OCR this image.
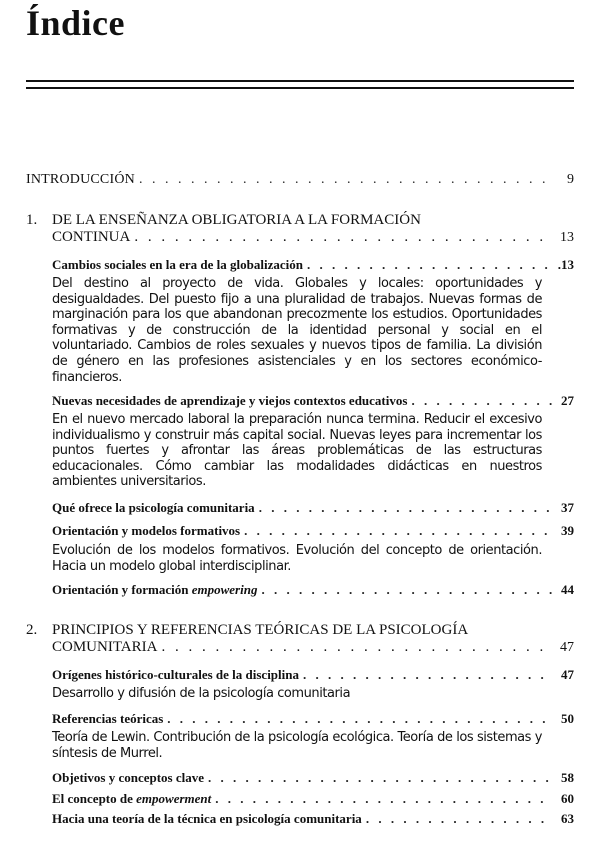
Índice
INTRODUCCIÓN . . .	9
1. DE LA ENSEÑANZA OBLIGATORIA A LA FORMACIÓN
CONTINUA . . .	13
Cambios sociales en la era de la globalización . . .	.13
Del destino al proyecto de vida. Globales y locales: oportunidades y desigualdades. Del puesto fijo a una pluralidad de trabajos. Nuevas formas de marginación para los que abandonan precozmente los estudios. Oportunidades formativas y de construcción de la identidad personal y social en el voluntariado. Cambios de roles sexuales y nuevos tipos de familia. La división de género en las profesiones asistenciales y en los sectores económico-financieros.
Nuevas necesidades de aprendizaje y viejos contextos educativos . . .	27
En el nuevo mercado laboral la preparación nunca termina. Reducir el excesivo individualismo y construir más capital social. Nuevas leyes para incrementar los puntos fuertes y afrontar las áreas problemáticas de las estructuras educacionales. Cómo cambiar las modalidades didácticas en nuestros ambientes universitarios.
Qué ofrece la psicología comunitaria . . .	37
Orientación y modelos formativos . . .	39
Evolución de los modelos formativos. Evolución del concepto de orientación. Hacia un modelo global interdisciplinar.
Orientación y formación empowering . . .	44
2. PRINCIPIOS Y REFERENCIAS TEÓRICAS DE LA PSICOLOGÍA
COMUNITARIA . . .	47
Orígenes histórico-culturales de la disciplina . . .	47
Desarrollo y difusión de la psicología comunitaria
Referencias teóricas . . .	50
Teoría de Lewin. Contribución de la psicología ecológica. Teoría de los sistemas y síntesis de Murrel.
Objetivos y conceptos clave . . .	58
El concepto de empowerment . . .	60
Hacia una teoría de la técnica en psicología comunitaria . . .	63
